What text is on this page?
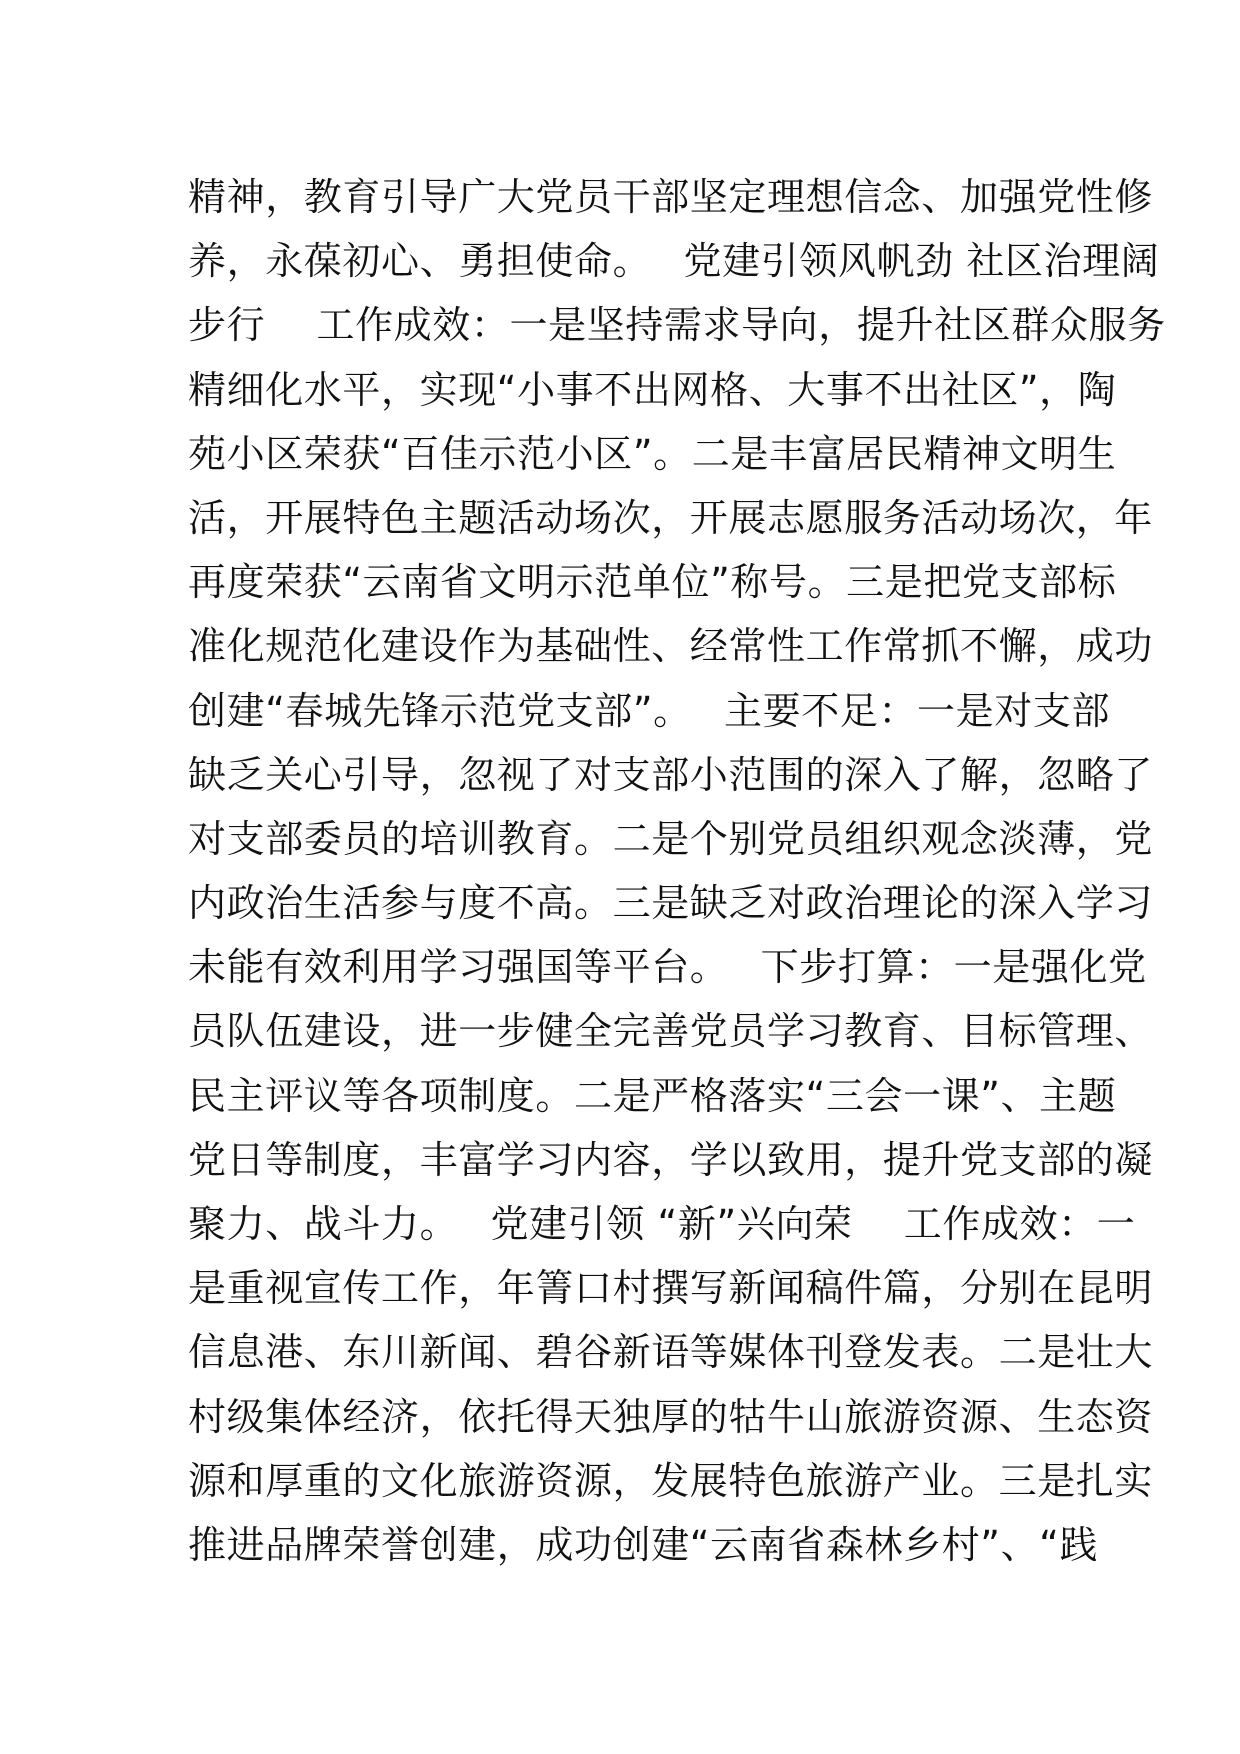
精神，教育引导广大党员干部坚定理想信念、加强党性修
养，永葆初心、勇担使命。　 党建引领风帆劲 社区治理阔
步行　 工作成效：一是坚持需求导向，提升社区群众服务
精细化水平，实现“小事不出网格、大事不出社区”，陶
苑小区荣获“百佳示范小区”。二是丰富居民精神文明生
活，开展特色主题活动场次，开展志愿服务活动场次，年
再度荣获“云南省文明示范单位”称号。三是把党支部标
准化规范化建设作为基础性、经常性工作常抓不懈，成功
创建“春城先锋示范党支部”。　 主要不足：一是对支部
缺乏关心引导，忽视了对支部小范围的深入了解，忽略了
对支部委员的培训教育。二是个别党员组织观念淡薄，党
内政治生活参与度不高。三是缺乏对政治理论的深入学习
未能有效利用学习强国等平台。　 下步打算：一是强化党
员队伍建设，进一步健全完善党员学习教育、目标管理、
民主评议等各项制度。二是严格落实“三会一课”、主题
党日等制度，丰富学习内容，学以致用，提升党支部的凝
聚力、战斗力。　 党建引领 “新”兴向荣　 工作成效：一
是重视宣传工作，年箐口村撰写新闻稿件篇，分别在昆明
信息港、东川新闻、碧谷新语等媒体刊登发表。二是壮大
村级集体经济，依托得天独厚的牯牛山旅游资源、生态资
源和厚重的文化旅游资源，发展特色旅游产业。三是扎实
推进品牌荣誉创建，成功创建“云南省森林乡村”、“践
